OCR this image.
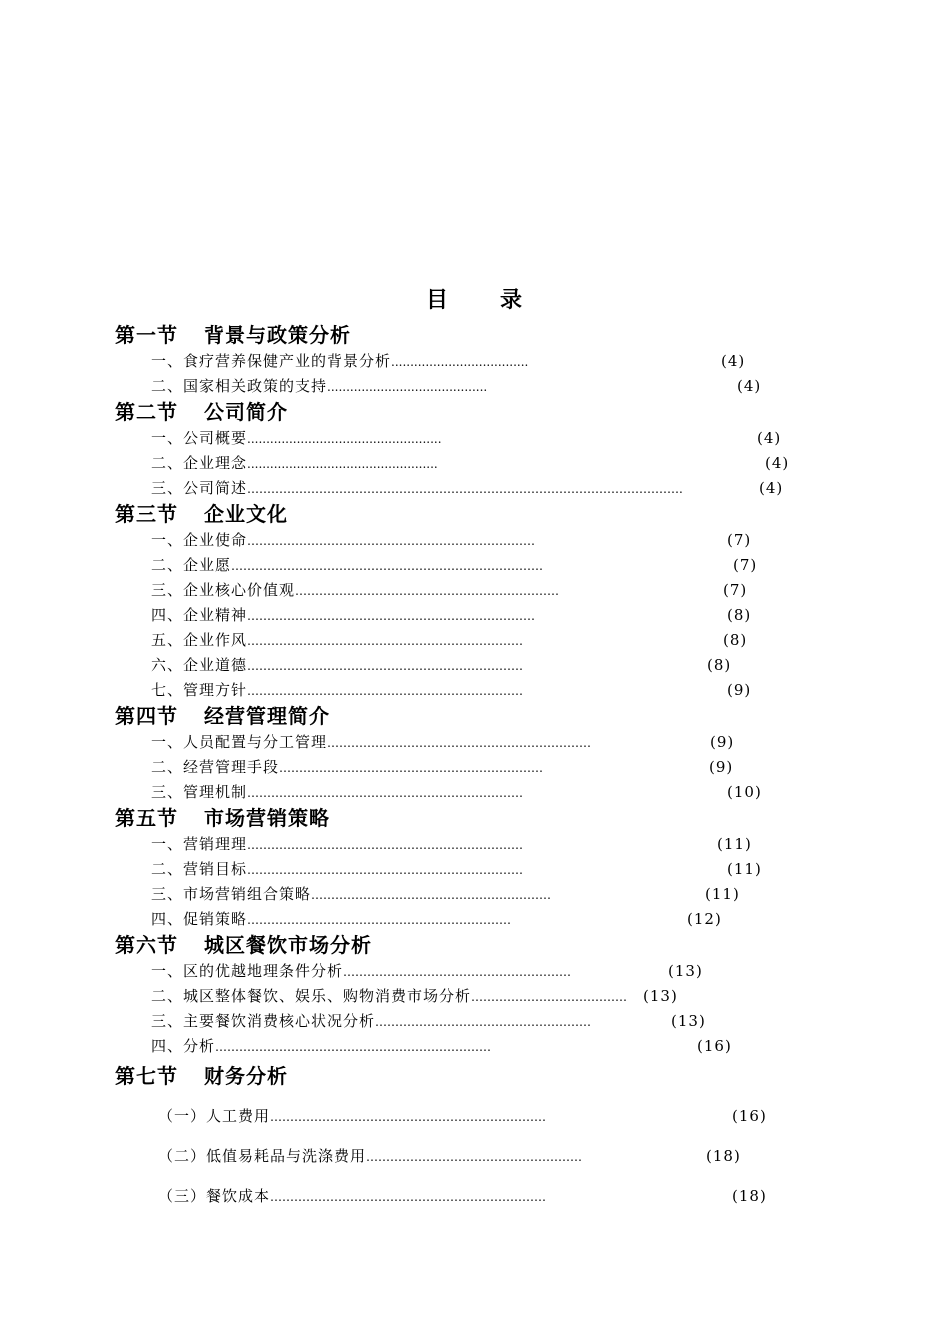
目 录
第一节 背景与政策分析
一、食疗营养保健产业的背景分析 ....................................	(4)
二、国家相关政策的支持 ..........................................	(4)
第二节 公司简介
一、公司概要 ...................................................	(4)
二、企业理念 ..................................................	(4)
三、公司简述 ……………………………………………………………………………………………….	(4)
第三节 企业文化
一、企业使命 ………………………………………………………………	(7)
二、企业愿 ……………………………………………………………………	(7)
三、企业核心价值观 …………………………………………………………	(7)
四、企业精神 ………………………………………………………………	(8)
五、企业作风 ……………………………………………………………	(8)
六、企业道德 ……………………………………………………………	(8)
七、管理方针 ……………………………………………………………	(9)
第四节 经营管理简介
一、人员配置与分工管理 …………………………………………………………	(9)
二、经营管理手段 …………………………………………………………	(9)
三、管理机制 ……………………………………………………………	(10)
第五节 市场营销策略
一、营销理理 ……………………………………………………………	(11)
二、营销目标 ……………………………………………………………	(11)
三、市场营销组合策略 ……………………………………………………	(11)
四、促销策略 …………………………………………………………	(12)
第六节 城区餐饮市场分析
一、区的优越地理条件分析 …………………………………………………	(13)
二、城区整体餐饮、娱乐、购物消费市场分析 …………………………………	(13)
三、主要餐饮消费核心状况分析 ………………………………………………	(13)
四、分析 ……………………………………………………………	(16)
第七节 财务分析
（一）人工费用 ……………………………………………………………	(16)
（二）低值易耗品与洗涤费用 ………………………………………………	(18)
（三）餐饮成本 ……………………………………………………………	(18)
